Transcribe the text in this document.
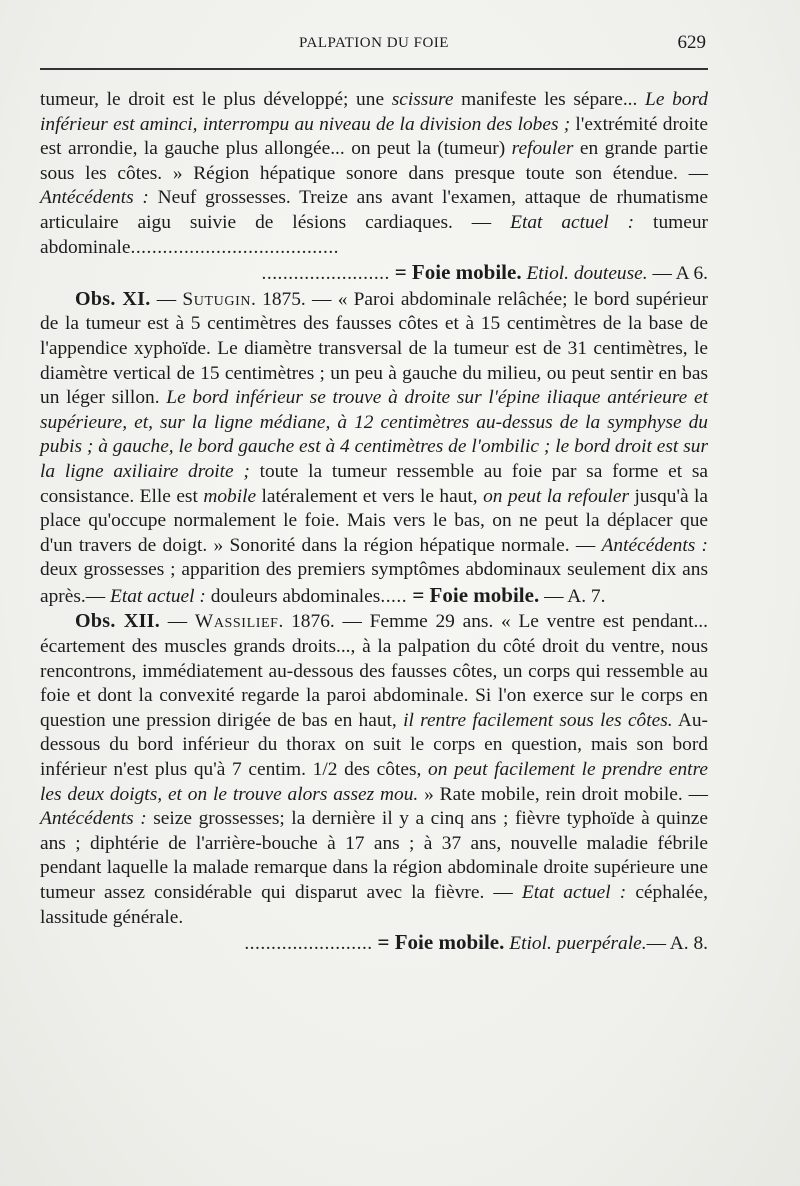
PALPATION DU FOIE	629

tumeur, le droit est le plus développé; une scissure manifeste les sépare... Le bord inférieur est aminci, interrompu au niveau de la division des lobes ; l'extrémité droite est arrondie, la gauche plus allongée... on peut la (tumeur) refouler en grande partie sous les côtes. » Région hépatique sonore dans presque toute son étendue. — Antécédents : Neuf grossesses. Treize ans avant l'examen, attaque de rhumatisme articulaire aigu suivie de lésions cardiaques. — Etat actuel : tumeur abdominale.......................................
........................ = Foie mobile. Etiol. douteuse. — A 6.

Obs. XI. — Sutugin. 1875. — « Paroi abdominale relâchée; le bord supérieur de la tumeur est à 5 centimètres des fausses côtes et à 15 centimètres de la base de l'appendice xyphoïde. Le diamètre transversal de la tumeur est de 31 centimètres, le diamètre vertical de 15 centimètres ; un peu à gauche du milieu, ou peut sentir en bas un léger sillon. Le bord inférieur se trouve à droite sur l'épine iliaque antérieure et supérieure, et, sur la ligne médiane, à 12 centimètres au-dessus de la symphyse du pubis ; à gauche, le bord gauche est à 4 centimètres de l'ombilic ; le bord droit est sur la ligne axiliaire droite ; toute la tumeur ressemble au foie par sa forme et sa consistance. Elle est mobile latéralement et vers le haut, on peut la refouler jusqu'à la place qu'occupe normalement le foie. Mais vers le bas, on ne peut la déplacer que d'un travers de doigt. » Sonorité dans la région hépatique normale. — Antécédents : deux grossesses ; apparition des premiers symptômes abdominaux seulement dix ans après.— Etat actuel : douleurs abdominales..... = Foie mobile. — A. 7.

Obs. XII. — Wassilief. 1876. — Femme 29 ans. « Le ventre est pendant... écartement des muscles grands droits..., à la palpation du côté droit du ventre, nous rencontrons, immédiatement au-dessous des fausses côtes, un corps qui ressemble au foie et dont la convexité regarde la paroi abdominale. Si l'on exerce sur le corps en question une pression dirigée de bas en haut, il rentre facilement sous les côtes. Au-dessous du bord inférieur du thorax on suit le corps en question, mais son bord inférieur n'est plus qu'à 7 centim. 1/2 des côtes, on peut facilement le prendre entre les deux doigts, et on le trouve alors assez mou. » Rate mobile, rein droit mobile. — Antécédents : seize grossesses; la dernière il y a cinq ans ; fièvre typhoïde à quinze ans ; diphtérie de l'arrière-bouche à 17 ans ; à 37 ans, nouvelle maladie fébrile pendant laquelle la malade remarque dans la région abdominale droite supérieure une tumeur assez considérable qui disparut avec la fièvre. — Etat actuel : céphalée, lassitude générale.
........................ = Foie mobile. Etiol. puerpérale.— A. 8.
